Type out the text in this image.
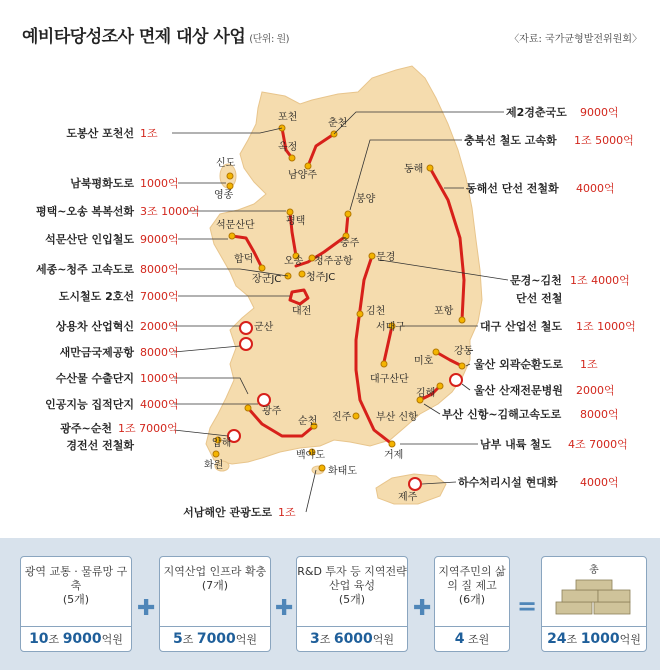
예비타당성조사 면제 대상 사업 (단위: 원)	〈자료: 국가균형발전위원회〉
포천
춘천
옥정
남양주
신도
영종
평택
석문산단
봉양
충주
합덕	오송 청주공항
장군JC 청주JC
문경
대전	김천
서대구
군산
대구산단
미호
강동
김해
부산 신항
진주
거제
광주
순천
압해
화원
백야도
화태도
제주
동해
포항
도봉산 포천선 1조
남북평화도로 1000억
평택~오송 복복선화 3조 1000억
석문산단 인입철도 9000억
세종~청주 고속도로 8000억
도시철도 2호선 7000억
상용차 산업혁신 2000억
새만금국제공항 8000억
수산물 수출단지 1000억
인공지능 집적단지 4000억
광주~순천 1조 7000억
경전선 전철화
서남해안 관광도로 1조
제2경춘국도 9000억
충북선 철도 고속화 1조 5000억
동해선 단선 전철화 4000억
문경~김천 1조 4000억
단선 전철
대구 산업선 철도 1조 1000억
울산 외곽순환도로 1조
울산 산재전문병원 2000억
부산 신항~김해고속도로 8000억
남부 내륙 철도 4조 7000억
하수처리시설 현대화 4000억
광역 교통 · 물류망 구축
(5개)
10조 9000억원
✚
지역산업 인프라 확충
(7개)
5조 7000억원
✚
R&D 투자 등 지역전략산업 육성
(5개)
3조 6000억원
✚
지역주민의 삶의 질 제고
(6개)
4 조원
=
총
24조 1000억원
